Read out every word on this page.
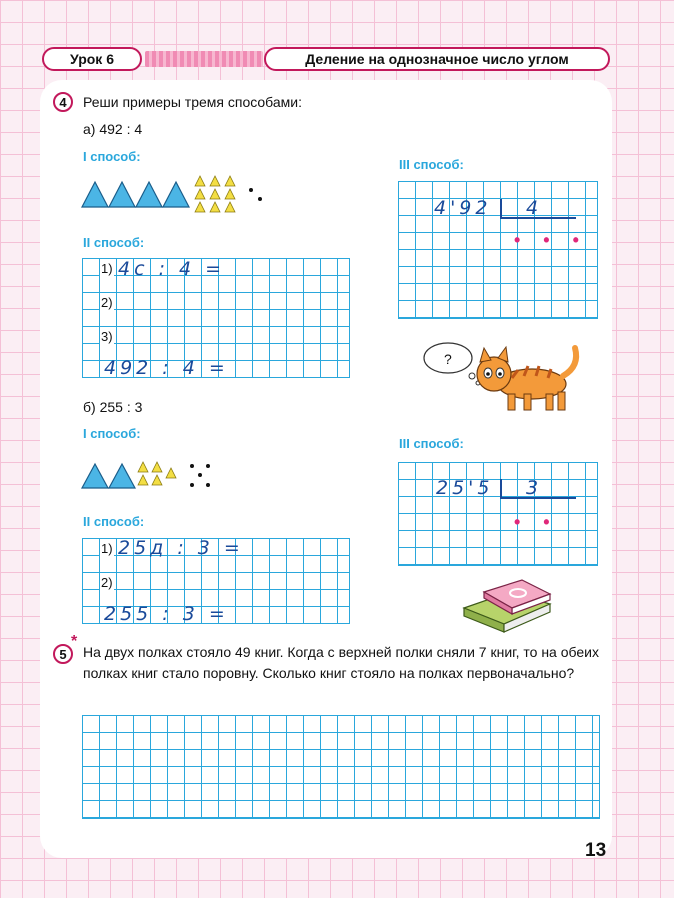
Урок 6	Деление на однозначное число углом
4	Реши примеры тремя способами:
а) 492 : 4
I способ:
II способ:
1) 4с : 4 =
2)
3)
492 : 4 =
III способ:
4'92 4
• • •
?
б) 255 : 3
I способ:
II способ:
1) 25д : 3 =
2)
255 : 3 =
III способ:
25'5 3
• •
5
*
На двух полках стояло 49 книг. Когда с верхней полки сняли 7 книг, то на обеих полках книг стало поровну. Сколько книг стояло на полках первоначально?
13
